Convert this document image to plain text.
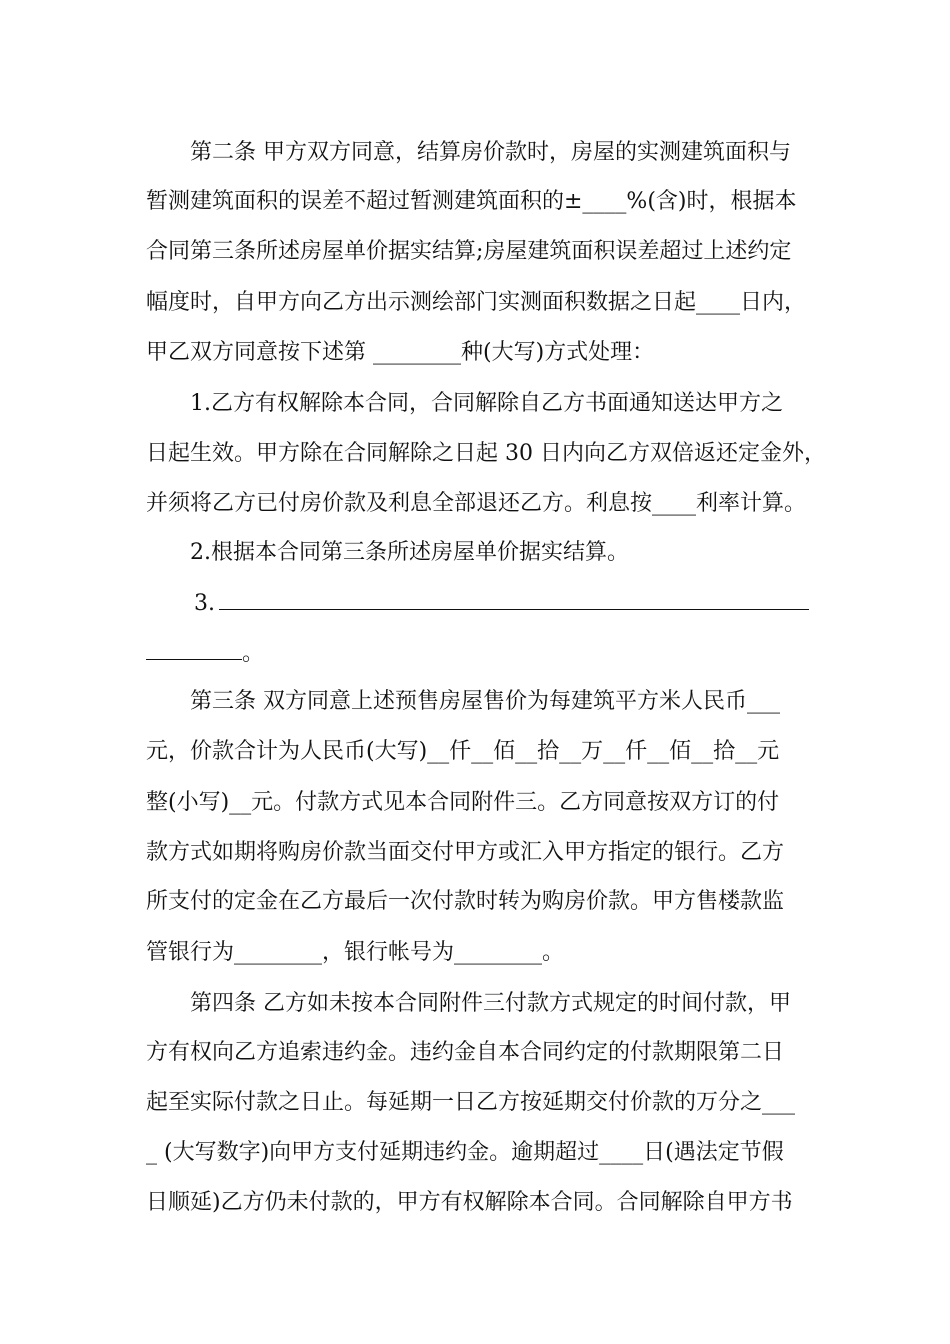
第二条 甲方双方同意，结算房价款时，房屋的实测建筑面积与
暂测建筑面积的误差不超过暂测建筑面积的±____%(含)时，根据本
合同第三条所述房屋单价据实结算;房屋建筑面积误差超过上述约定
幅度时，自甲方向乙方出示测绘部门实测面积数据之日起____日内，
甲乙双方同意按下述第 ________种(大写)方式处理：
1.乙方有权解除本合同，合同解除自乙方书面通知送达甲方之
日起生效。甲方除在合同解除之日起 30 日内向乙方双倍返还定金外，
并须将乙方已付房价款及利息全部退还乙方。利息按____利率计算。
2.根据本合同第三条所述房屋单价据实结算。
3.
。
第三条 双方同意上述预售房屋售价为每建筑平方米人民币___
元，价款合计为人民币(大写)__仟__佰__拾__万__仟__佰__拾__元
整(小写)__元。付款方式见本合同附件三。乙方同意按双方订的付
款方式如期将购房价款当面交付甲方或汇入甲方指定的银行。乙方
所支付的定金在乙方最后一次付款时转为购房价款。甲方售楼款监
管银行为________，银行帐号为________。
第四条 乙方如未按本合同附件三付款方式规定的时间付款，甲
方有权向乙方追索违约金。违约金自本合同约定的付款期限第二日
起至实际付款之日止。每延期一日乙方按延期交付价款的万分之___
_ (大写数字)向甲方支付延期违约金。逾期超过____日(遇法定节假
日顺延)乙方仍未付款的，甲方有权解除本合同。合同解除自甲方书
